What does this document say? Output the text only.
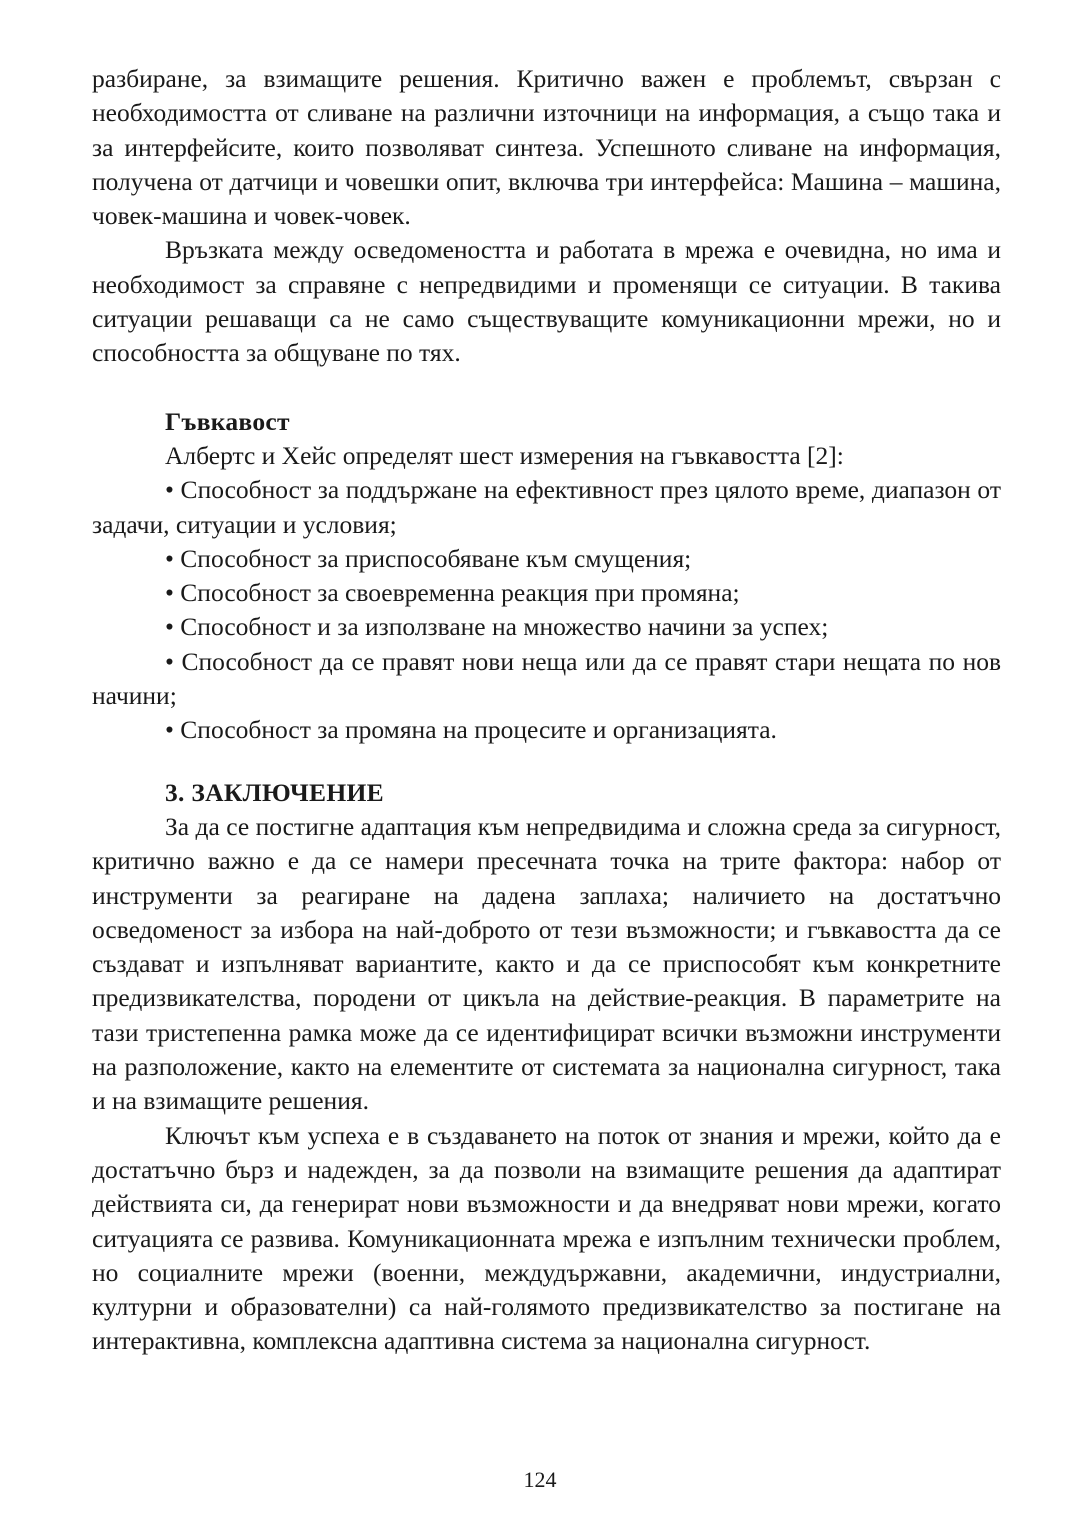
разбиране, за взимащите решения. Критично важен е проблемът, свързан с необходимостта от сливане на различни източници на информация, а също така и за интерфейсите, които позволяват синтеза. Успешното сливане на информация, получена от датчици и човешки опит, включва три интерфейса: Машина – машина, човек-машина и човек-човек.

Връзката между осведомеността и работата в мрежа е очевидна, но има и необходимост за справяне с непредвидими и променящи се ситуации. В такива ситуации решаващи са не само съществуващите комуникационни мрежи, но и способността за общуване по тях.

Гъвкавост

Албертс и Хейс определят шест измерения на гъвкавостта [2]:

• Способност за поддържане на ефективност през цялото време, диапазон от задачи, ситуации и условия;

• Способност за приспособяване към смущения;

• Способност за своевременна реакция при промяна;

• Способност и за използване на множество начини за успех;

• Способност да се правят нови неща или да се правят стари нещата по нов начини;

• Способност за промяна на процесите и организацията.

3. ЗАКЛЮЧЕНИЕ

За да се постигне адаптация към непредвидима и сложна среда за сигурност, критично важно е да се намери пресечната точка на трите фактора: набор от инструменти за реагиране на дадена заплаха; наличието на достатъчно осведоменост за избора на най-доброто от тези възможности; и гъвкавостта да се създават и изпълняват вариантите, както и да се приспособят към конкретните предизвикателства, породени от цикъла на действие-реакция. В параметрите на тази тристепенна рамка може да се идентифицират всички възможни инструменти на разположение, както на елементите от системата за национална сигурност, така и на взимащите решения.

Ключът към успеха е в създаването на поток от знания и мрежи, който да е достатъчно бърз и надежден, за да позволи на взимащите решения да адаптират действията си, да генерират нови възможности и да внедряват нови мрежи, когато ситуацията се развива. Комуникационната мрежа е изпълним технически проблем, но социалните мрежи (военни, междудържавни, академични, индустриални, културни и образователни) са най-голямото предизвикателство за постигане на интерактивна, комплексна адаптивна система за национална сигурност.

124
